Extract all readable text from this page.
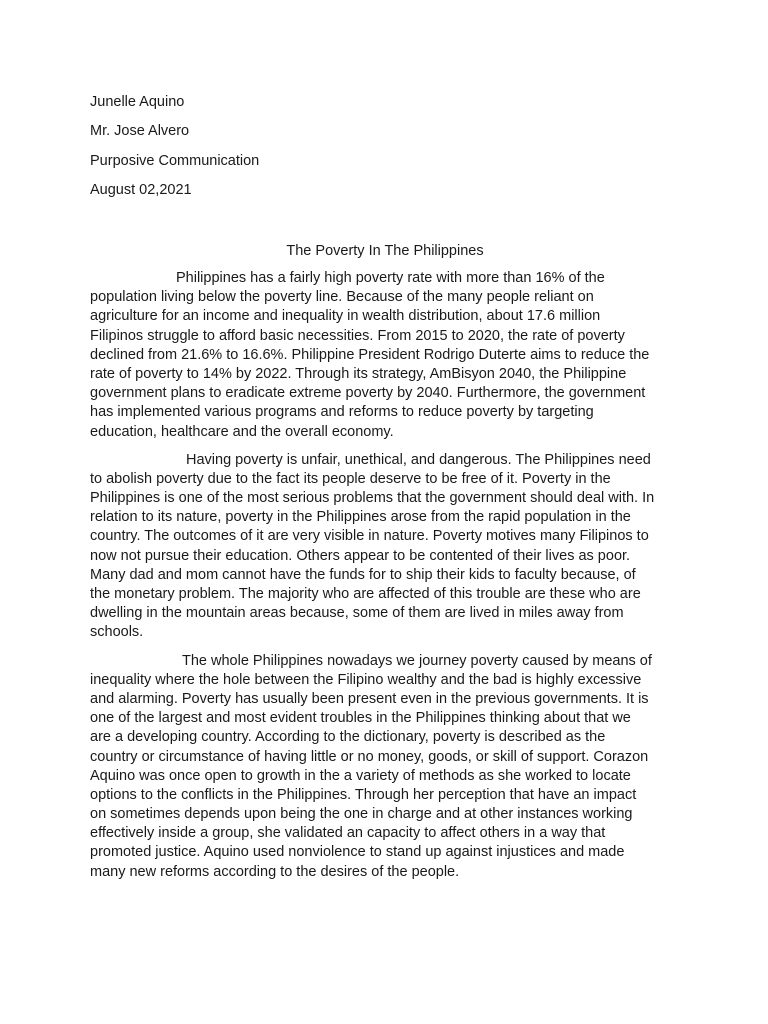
Junelle Aquino
Mr. Jose Alvero
Purposive Communication
August 02,2021
The Poverty In The Philippines
Philippines has a fairly high poverty rate with more than 16% of the
population living below the poverty line. Because of the many people reliant on
agriculture for an income and inequality in wealth distribution, about 17.6 million
Filipinos struggle to afford basic necessities. From 2015 to 2020, the rate of poverty
declined from 21.6% to 16.6%. Philippine President Rodrigo Duterte aims to reduce the
rate of poverty to 14% by 2022. Through its strategy, AmBisyon 2040, the Philippine
government plans to eradicate extreme poverty by 2040. Furthermore, the government
has implemented various programs and reforms to reduce poverty by targeting
education, healthcare and the overall economy.
Having poverty is unfair, unethical, and dangerous. The Philippines need
to abolish poverty due to the fact its people deserve to be free of it. Poverty in the
Philippines is one of the most serious problems that the government should deal with. In
relation to its nature, poverty in the Philippines arose from the rapid population in the
country. The outcomes of it are very visible in nature. Poverty motives many Filipinos to
now not pursue their education. Others appear to be contented of their lives as poor.
Many dad and mom cannot have the funds for to ship their kids to faculty because, of
the monetary problem. The majority who are affected of this trouble are these who are
dwelling in the mountain areas because, some of them are lived in miles away from
schools.
The whole Philippines nowadays we journey poverty caused by means of
inequality where the hole between the Filipino wealthy and the bad is highly excessive
and alarming. Poverty has usually been present even in the previous governments. It is
one of the largest and most evident troubles in the Philippines thinking about that we
are a developing country. According to the dictionary, poverty is described as the
country or circumstance of having little or no money, goods, or skill of support. Corazon
Aquino was once open to growth in the a variety of methods as she worked to locate
options to the conflicts in the Philippines. Through her perception that have an impact
on sometimes depends upon being the one in charge and at other instances working
effectively inside a group, she validated an capacity to affect others in a way that
promoted justice. Aquino used nonviolence to stand up against injustices and made
many new reforms according to the desires of the people.
